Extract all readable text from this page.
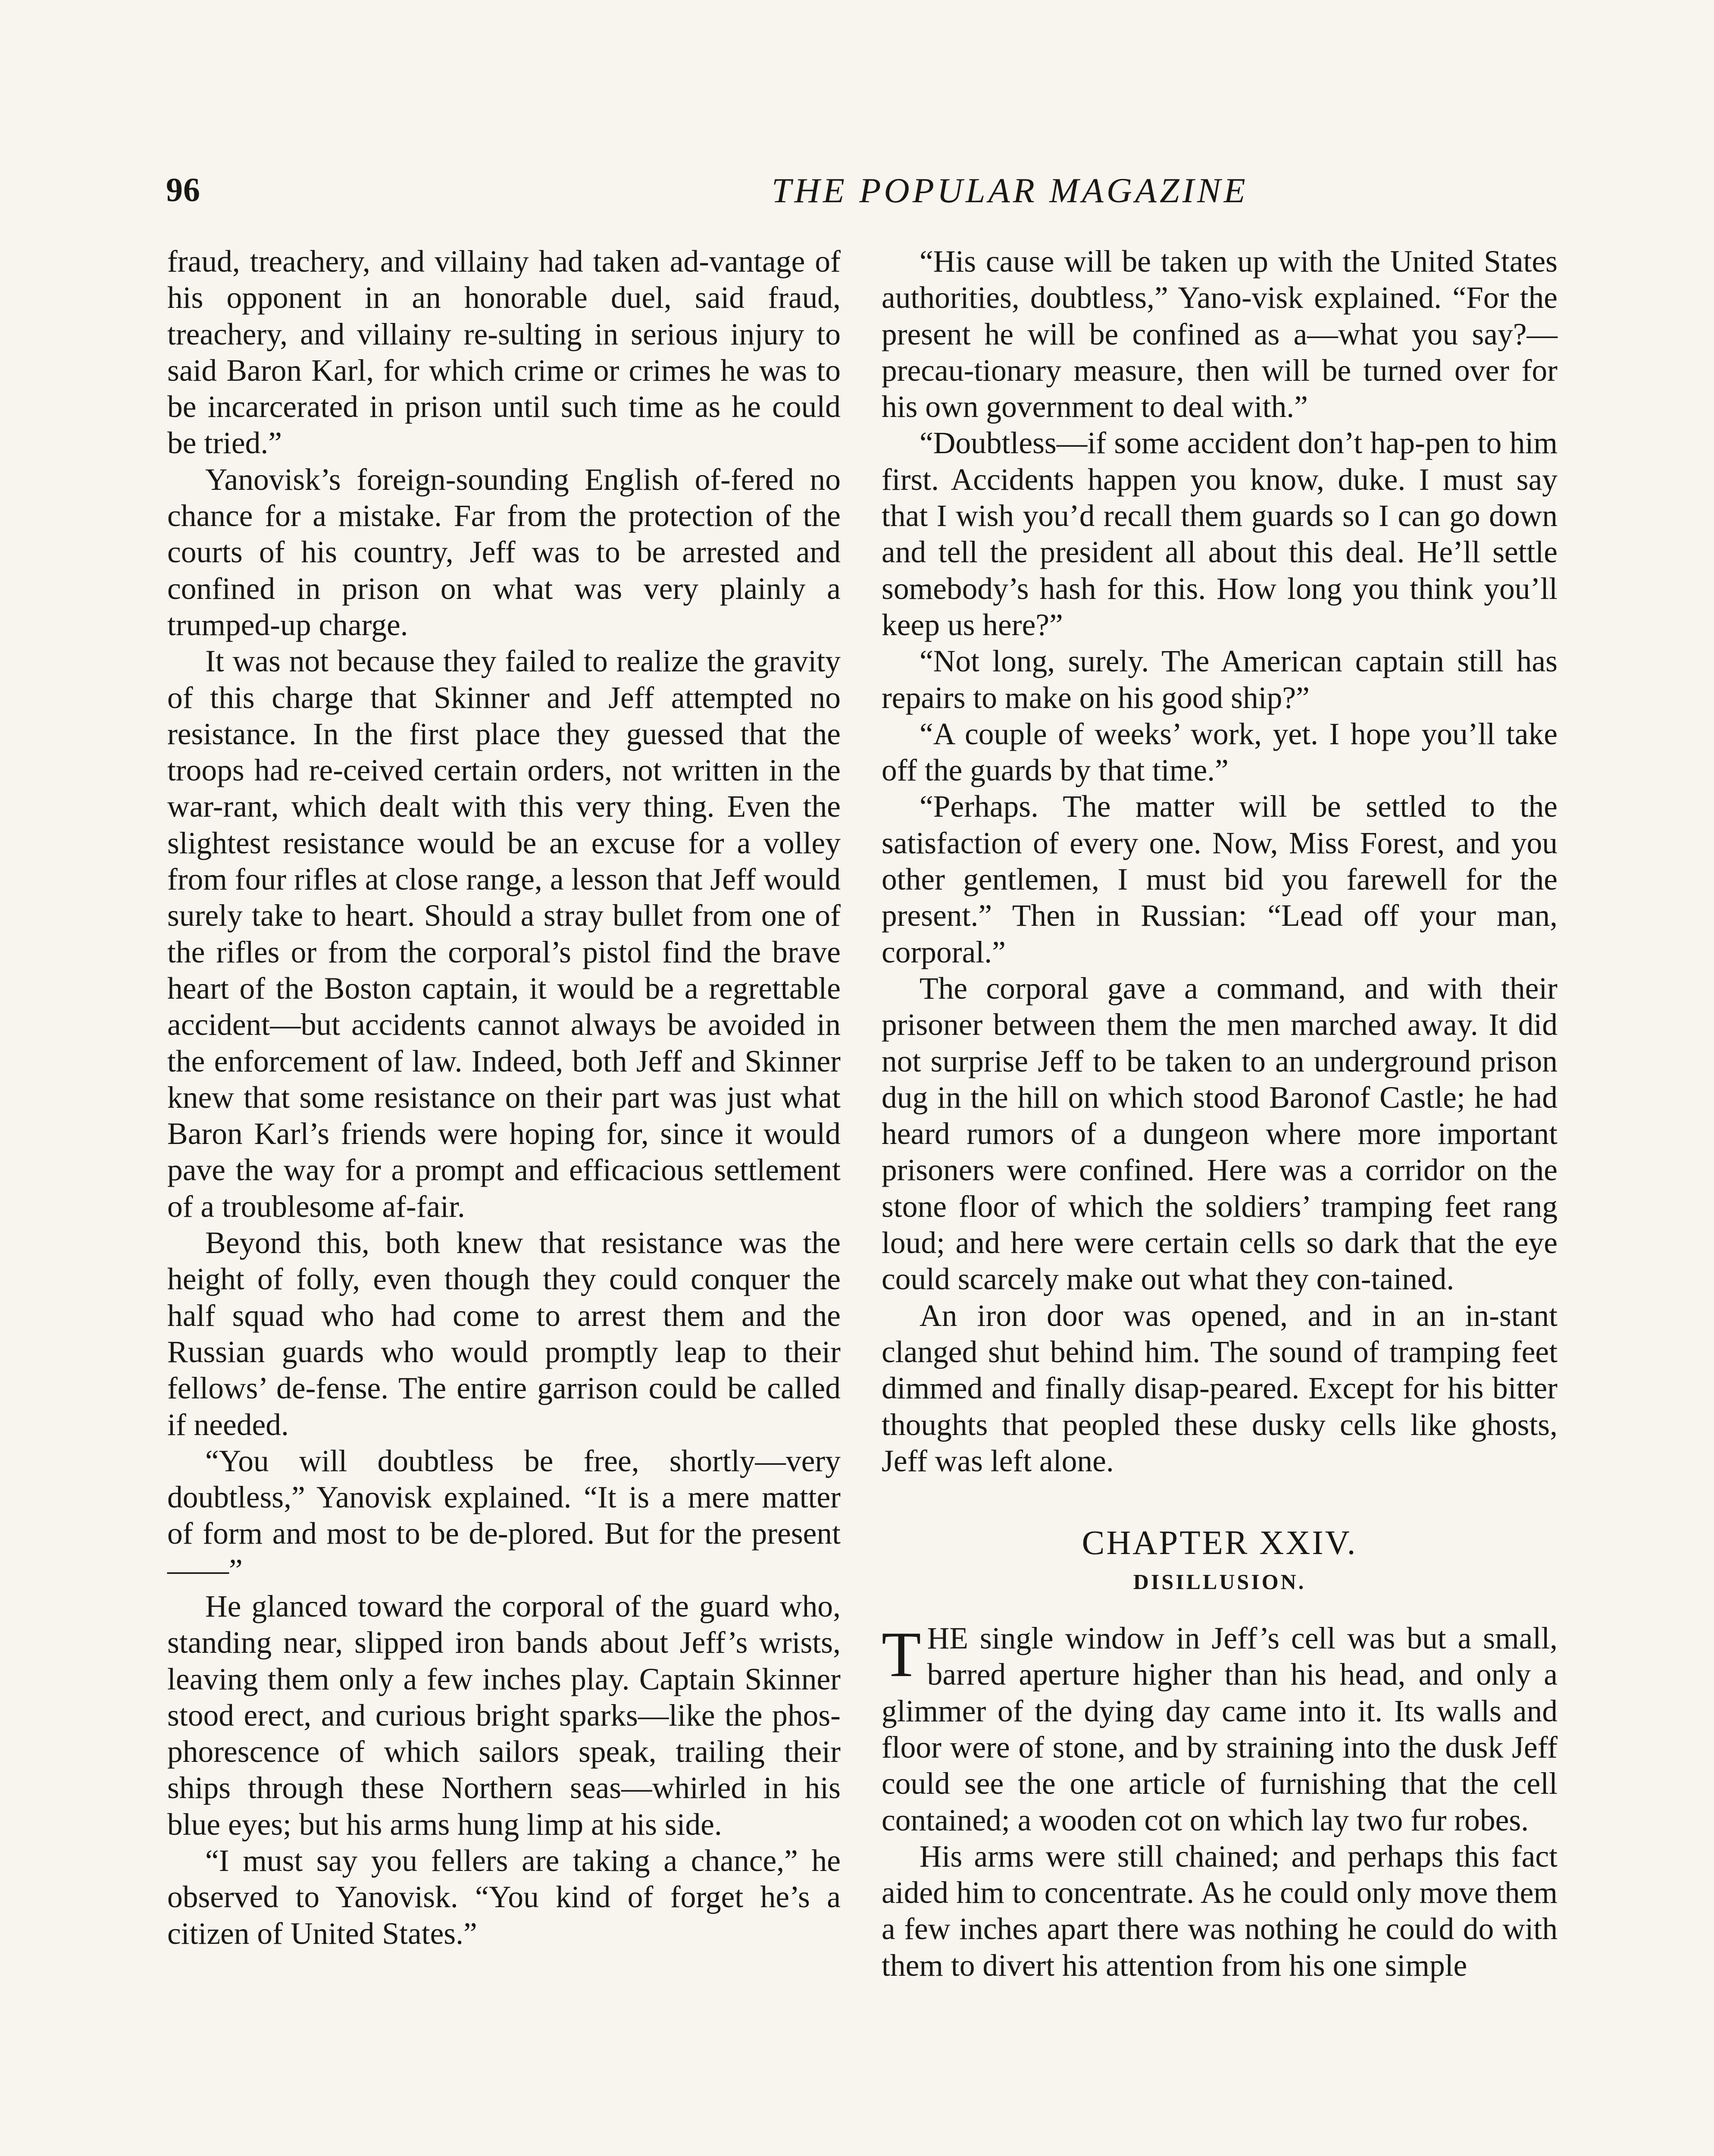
96	THE POPULAR MAGAZINE

fraud, treachery, and villainy had taken ad-vantage of his opponent in an honorable duel, said fraud, treachery, and villainy re-sulting in serious injury to said Baron Karl, for which crime or crimes he was to be incarcerated in prison until such time as he could be tried.”

Yanovisk’s foreign-sounding English of-fered no chance for a mistake. Far from the protection of the courts of his country, Jeff was to be arrested and confined in prison on what was very plainly a trumped-up charge.

It was not because they failed to realize the gravity of this charge that Skinner and Jeff attempted no resistance. In the first place they guessed that the troops had re-ceived certain orders, not written in the war-rant, which dealt with this very thing. Even the slightest resistance would be an excuse for a volley from four rifles at close range, a lesson that Jeff would surely take to heart. Should a stray bullet from one of the rifles or from the corporal’s pistol find the brave heart of the Boston captain, it would be a regrettable accident—but accidents cannot always be avoided in the enforcement of law. Indeed, both Jeff and Skinner knew that some resistance on their part was just what Baron Karl’s friends were hoping for, since it would pave the way for a prompt and efficacious settlement of a troublesome af-fair.

Beyond this, both knew that resistance was the height of folly, even though they could conquer the half squad who had come to arrest them and the Russian guards who would promptly leap to their fellows’ de-fense. The entire garrison could be called if needed.

“You will doubtless be free, shortly—very doubtless,” Yanovisk explained. “It is a mere matter of form and most to be de-plored. But for the present——”

He glanced toward the corporal of the guard who, standing near, slipped iron bands about Jeff’s wrists, leaving them only a few inches play. Captain Skinner stood erect, and curious bright sparks—like the phos-phorescence of which sailors speak, trailing their ships through these Northern seas—whirled in his blue eyes; but his arms hung limp at his side.

“I must say you fellers are taking a chance,” he observed to Yanovisk. “You kind of forget he’s a citizen of United States.”

“His cause will be taken up with the United States authorities, doubtless,” Yano-visk explained. “For the present he will be confined as a—what you say?—precau-tionary measure, then will be turned over for his own government to deal with.”

“Doubtless—if some accident don’t hap-pen to him first. Accidents happen you know, duke. I must say that I wish you’d recall them guards so I can go down and tell the president all about this deal. He’ll settle somebody’s hash for this. How long you think you’ll keep us here?”

“Not long, surely. The American captain still has repairs to make on his good ship?”

“A couple of weeks’ work, yet. I hope you’ll take off the guards by that time.”

“Perhaps. The matter will be settled to the satisfaction of every one. Now, Miss Forest, and you other gentlemen, I must bid you farewell for the present.” Then in Russian: “Lead off your man, corporal.”

The corporal gave a command, and with their prisoner between them the men marched away. It did not surprise Jeff to be taken to an underground prison dug in the hill on which stood Baronof Castle; he had heard rumors of a dungeon where more important prisoners were confined. Here was a corridor on the stone floor of which the soldiers’ tramping feet rang loud; and here were certain cells so dark that the eye could scarcely make out what they con-tained.

An iron door was opened, and in an in-stant clanged shut behind him. The sound of tramping feet dimmed and finally disap-peared. Except for his bitter thoughts that peopled these dusky cells like ghosts, Jeff was left alone.

CHAPTER XXIV.
DISILLUSION.

THE single window in Jeff’s cell was but a small, barred aperture higher than his head, and only a glimmer of the dying day came into it. Its walls and floor were of stone, and by straining into the dusk Jeff could see the one article of furnishing that the cell contained; a wooden cot on which lay two fur robes.

His arms were still chained; and perhaps this fact aided him to concentrate. As he could only move them a few inches apart there was nothing he could do with them to divert his attention from his one simple
